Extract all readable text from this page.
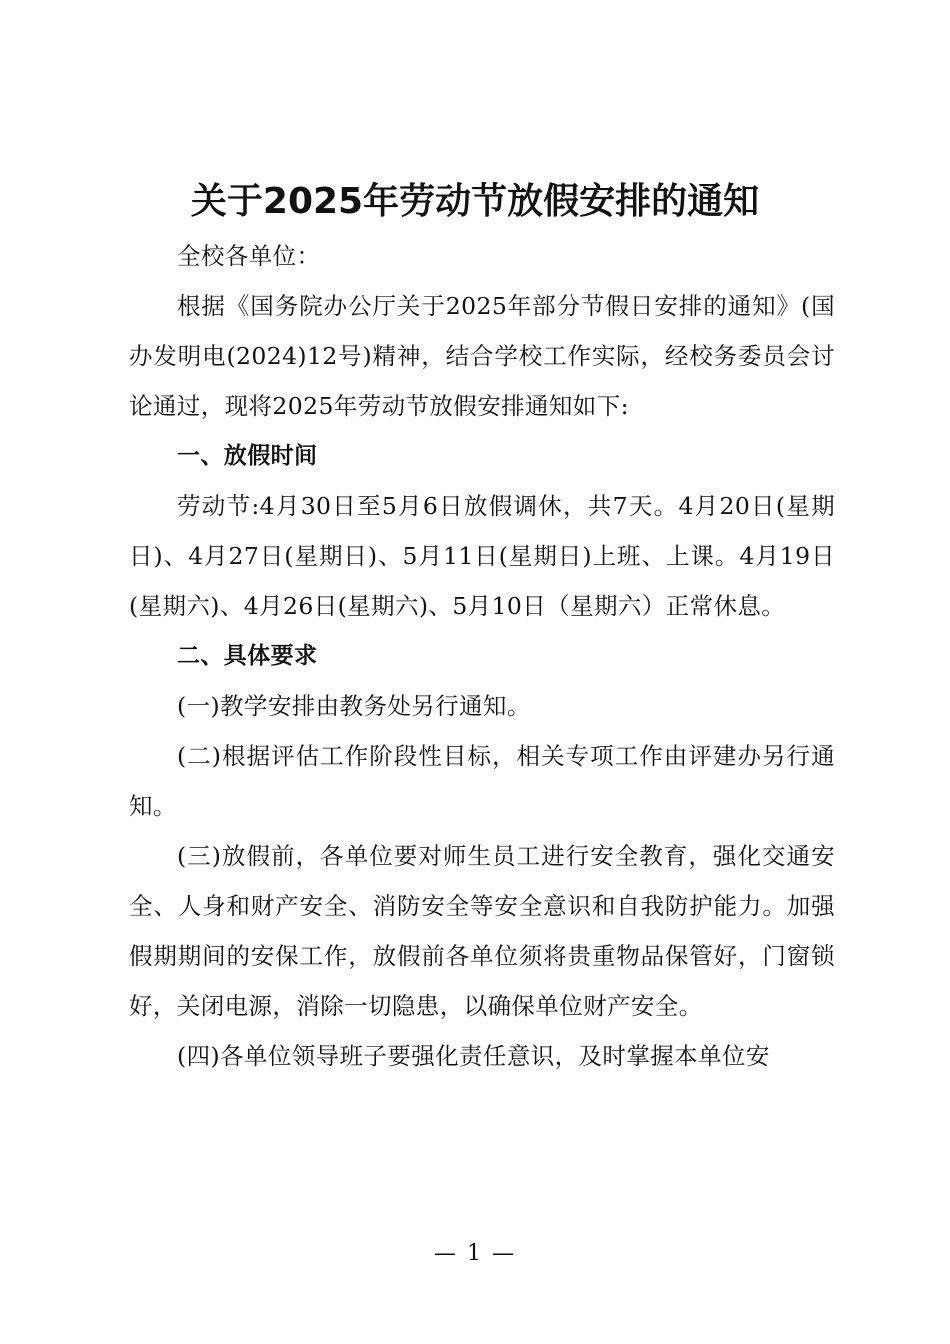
关于2025年劳动节放假安排的通知

全校各单位：

根据《国务院办公厅关于2025年部分节假日安排的通知》(国办发明电(2024)12号)精神，结合学校工作实际，经校务委员会讨论通过，现将2025年劳动节放假安排通知如下:

一、放假时间

劳动节:4月30日至5月6日放假调休，共7天。4月20日(星期日)、4月27日(星期日)、5月11日(星期日)上班、上课。4月19日(星期六)、4月26日(星期六)、5月10日（星期六）正常休息。

二、具体要求

(一)教学安排由教务处另行通知。

(二)根据评估工作阶段性目标，相关专项工作由评建办另行通知。

(三)放假前，各单位要对师生员工进行安全教育，强化交通安全、人身和财产安全、消防安全等安全意识和自我防护能力。加强假期期间的安保工作，放假前各单位须将贵重物品保管好，门窗锁好，关闭电源，消除一切隐患，以确保单位财产安全。

(四)各单位领导班子要强化责任意识，及时掌握本单位安

— 1 —
